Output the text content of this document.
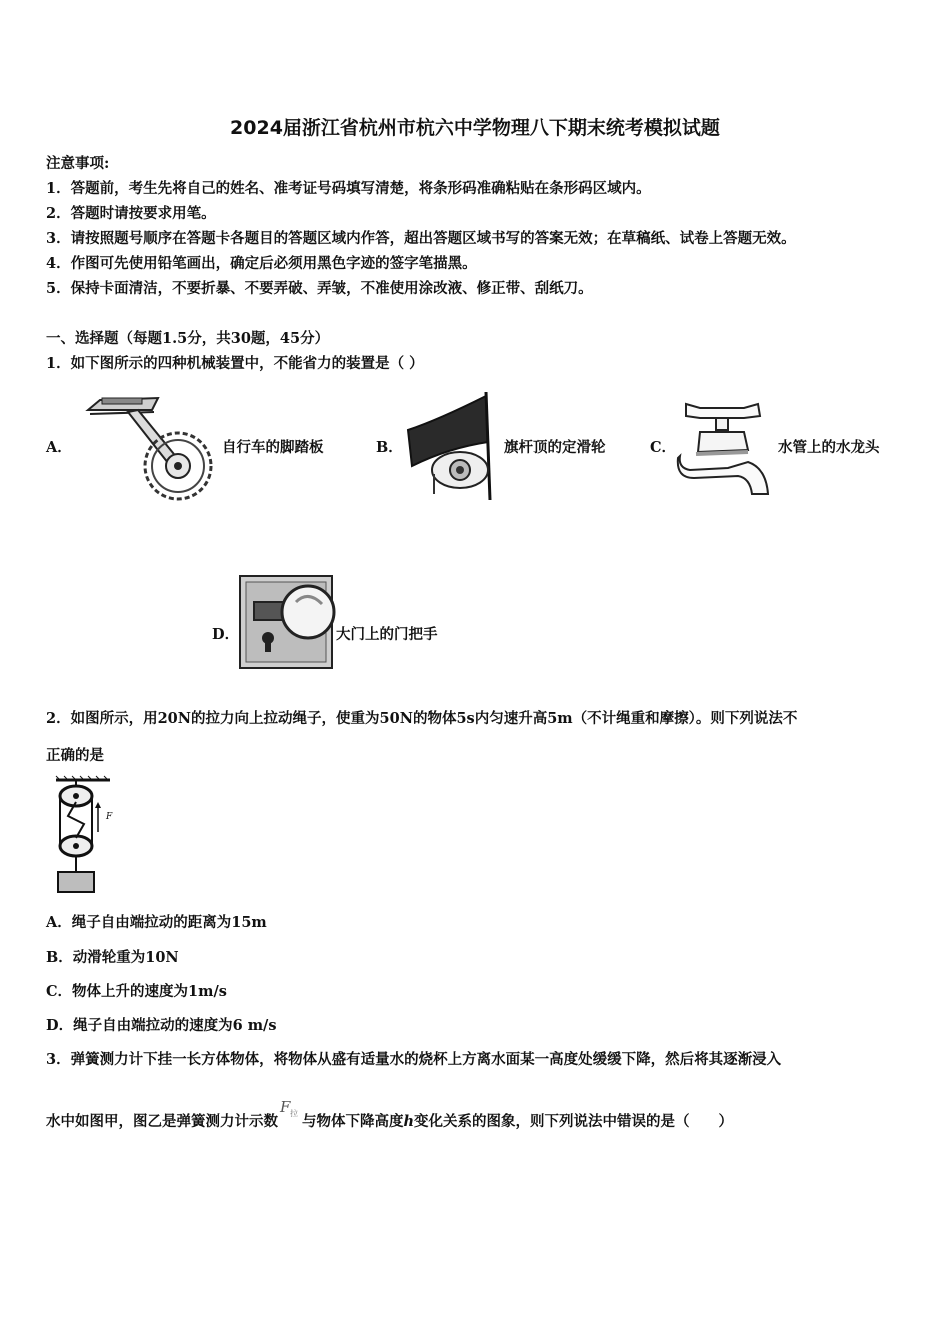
2024届浙江省杭州市杭六中学物理八下期末统考模拟试题
注意事项:
1．答题前，考生先将自己的姓名、准考证号码填写清楚，将条形码准确粘贴在条形码区域内。
2．答题时请按要求用笔。
3．请按照题号顺序在答题卡各题目的答题区域内作答，超出答题区域书写的答案无效；在草稿纸、试卷上答题无效。
4．作图可先使用铅笔画出，确定后必须用黑色字迹的签字笔描黑。
5．保持卡面清洁，不要折暴、不要弄破、弄皱，不准使用涂改液、修正带、刮纸刀。
一、选择题（每题1.5分，共30题，45分）
1．如下图所示的四种机械装置中，不能省力的装置是（ ）
A．	自行车的脚踏板	B．	旗杆顶的定滑轮	C．	水管上的水龙头
D．	大门上的门把手
2．如图所示，用20N的拉力向上拉动绳子，使重为50N的物体5s内匀速升高5m（不计绳重和摩擦）。则下列说法不
正确的是
F
A．绳子自由端拉动的距离为15m
B．动滑轮重为10N
C．物体上升的速度为1m/s
D．绳子自由端拉动的速度为6 m/s
3．弹簧测力计下挂一长方体物体，将物体从盛有适量水的烧杯上方离水面某一高度处缓缓下降，然后将其逐渐浸入
水中如图甲，图乙是弹簧测力计示数
F 拉 与物体下降高度h变化关系的图象，则下列说法中错误的是（　　）
